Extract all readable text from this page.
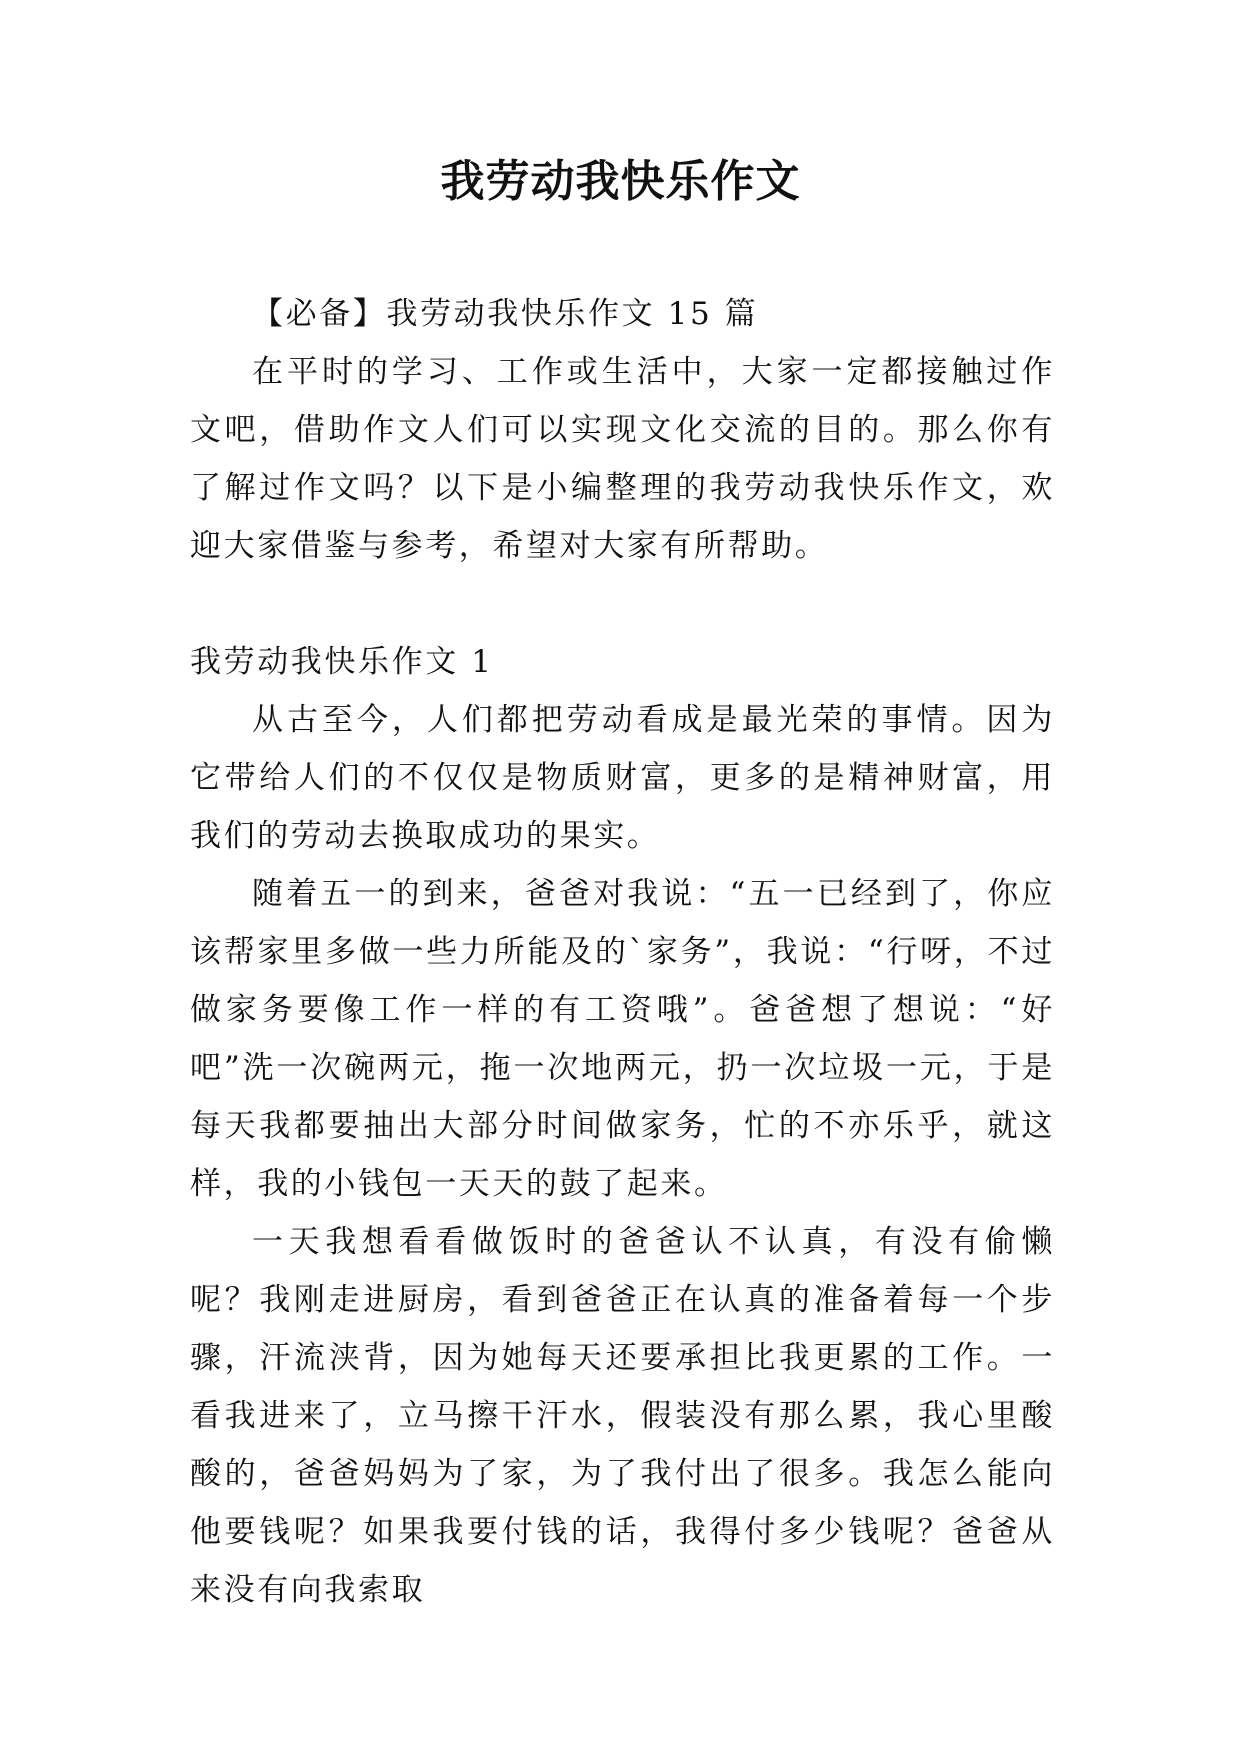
我劳动我快乐作文

【必备】我劳动我快乐作文 15 篇

在平时的学习、工作或生活中，大家一定都接触过作文吧，借助作文人们可以实现文化交流的目的。那么你有了解过作文吗？以下是小编整理的我劳动我快乐作文，欢迎大家借鉴与参考，希望对大家有所帮助。

我劳动我快乐作文 1

从古至今，人们都把劳动看成是最光荣的事情。因为它带给人们的不仅仅是物质财富，更多的是精神财富，用我们的劳动去换取成功的果实。

随着五一的到来，爸爸对我说：“五一已经到了，你应该帮家里多做一些力所能及的`家务”，我说：“行呀，不过做家务要像工作一样的有工资哦”。爸爸想了想说：“好吧”洗一次碗两元，拖一次地两元，扔一次垃圾一元，于是每天我都要抽出大部分时间做家务，忙的不亦乐乎，就这样，我的小钱包一天天的鼓了起来。

一天我想看看做饭时的爸爸认不认真，有没有偷懒呢？我刚走进厨房，看到爸爸正在认真的准备着每一个步骤，汗流浃背，因为她每天还要承担比我更累的工作。一看我进来了，立马擦干汗水，假装没有那么累，我心里酸酸的，爸爸妈妈为了家，为了我付出了很多。我怎么能向他要钱呢？如果我要付钱的话，我得付多少钱呢？爸爸从来没有向我索取
